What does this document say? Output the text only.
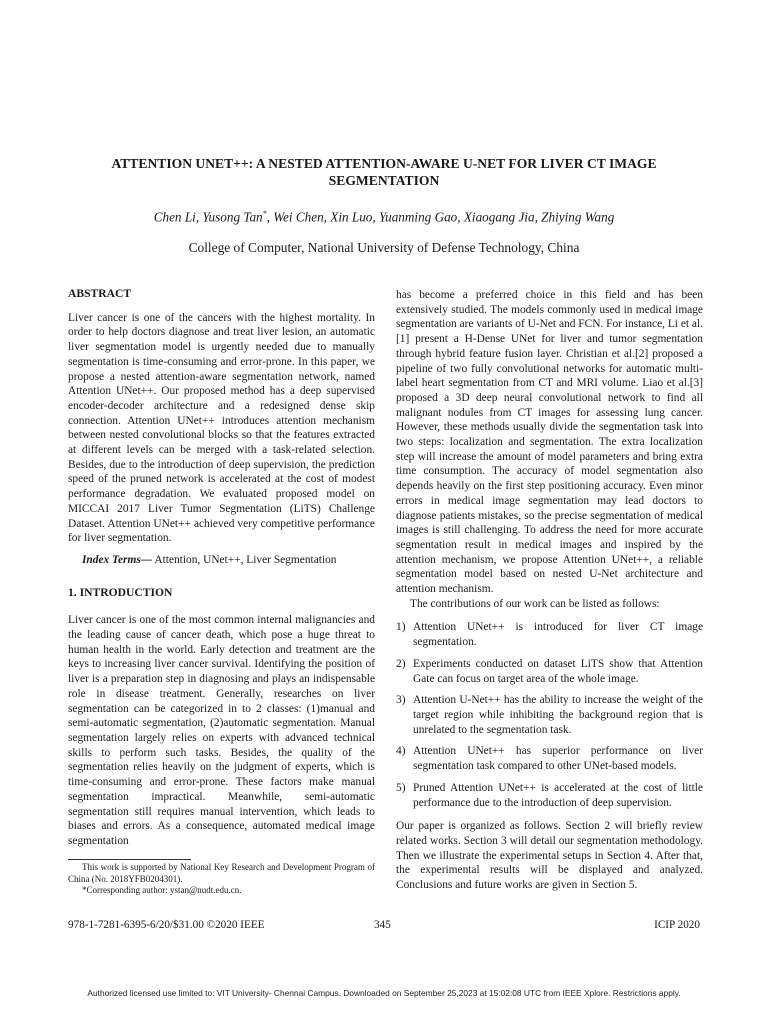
ATTENTION UNET++: A NESTED ATTENTION-AWARE U-NET FOR LIVER CT IMAGE SEGMENTATION

Chen Li, Yusong Tan*, Wei Chen, Xin Luo, Yuanming Gao, Xiaogang Jia, Zhiying Wang

College of Computer, National University of Defense Technology, China

ABSTRACT

Liver cancer is one of the cancers with the highest mortality. In order to help doctors diagnose and treat liver lesion, an automatic liver segmentation model is urgently needed due to manually segmentation is time-consuming and error-prone. In this paper, we propose a nested attention-aware segmentation network, named Attention UNet++. Our proposed method has a deep supervised encoder-decoder architecture and a redesigned dense skip connection. Attention UNet++ introduces attention mechanism between nested convolutional blocks so that the features extracted at different levels can be merged with a task-related selection. Besides, due to the introduction of deep supervision, the prediction speed of the pruned network is accelerated at the cost of modest performance degradation. We evaluated proposed model on MICCAI 2017 Liver Tumor Segmentation (LiTS) Challenge Dataset. Attention UNet++ achieved very competitive performance for liver segmentation.

Index Terms— Attention, UNet++, Liver Segmentation

1. INTRODUCTION

Liver cancer is one of the most common internal malignancies and the leading cause of cancer death, which pose a huge threat to human health in the world. Early detection and treatment are the keys to increasing liver cancer survival. Identifying the position of liver is a preparation step in diagnosing and plays an indispensable role in disease treatment. Generally, researches on liver segmentation can be categorized in to 2 classes: (1)manual and semi-automatic segmentation, (2)automatic segmentation. Manual segmentation largely relies on experts with advanced technical skills to perform such tasks. Besides, the quality of the segmentation relies heavily on the judgment of experts, which is time-consuming and error-prone. These factors make manual segmentation impractical. Meanwhile, semi-automatic segmentation still requires manual intervention, which leads to biases and errors. As a consequence, automated medical image segmentation

has become a preferred choice in this field and has been extensively studied. The models commonly used in medical image segmentation are variants of U-Net and FCN. For instance, Li et al.[1] present a H-Dense UNet for liver and tumor segmentation through hybrid feature fusion layer. Christian et al.[2] proposed a pipeline of two fully convolutional networks for automatic multi-label heart segmentation from CT and MRI volume. Liao et al.[3] proposed a 3D deep neural convolutional network to find all malignant nodules from CT images for assessing lung cancer. However, these methods usually divide the segmentation task into two steps: localization and segmentation. The extra localization step will increase the amount of model parameters and bring extra time consumption. The accuracy of model segmentation also depends heavily on the first step positioning accuracy. Even minor errors in medical image segmentation may lead doctors to diagnose patients mistakes, so the precise segmentation of medical images is still challenging. To address the need for more accurate segmentation result in medical images and inspired by the attention mechanism, we propose Attention UNet++, a reliable segmentation model based on nested U-Net architecture and attention mechanism.

The contributions of our work can be listed as follows:

1) Attention UNet++ is introduced for liver CT image segmentation.
2) Experiments conducted on dataset LiTS show that Attention Gate can focus on target area of the whole image.
3) Attention U-Net++ has the ability to increase the weight of the target region while inhibiting the background region that is unrelated to the segmentation task.
4) Attention UNet++ has superior performance on liver segmentation task compared to other UNet-based models.
5) Pruned Attention UNet++ is accelerated at the cost of little performance due to the introduction of deep supervision.

Our paper is organized as follows. Section 2 will briefly review related works. Section 3 will detail our segmentation methodology. Then we illustrate the experimental setups in Section 4. After that, the experimental results will be displayed and analyzed. Conclusions and future works are given in Section 5.

This work is supported by National Key Research and Development Program of China (No. 2018YFB0204301).

*Corresponding author: ystan@nudt.edu.cn.

978-1-7281-6395-6/20/$31.00 ©2020 IEEE	345	ICIP 2020

Authorized licensed use limited to: VIT University- Chennai Campus. Downloaded on September 25,2023 at 15:02:08 UTC from IEEE Xplore. Restrictions apply.
